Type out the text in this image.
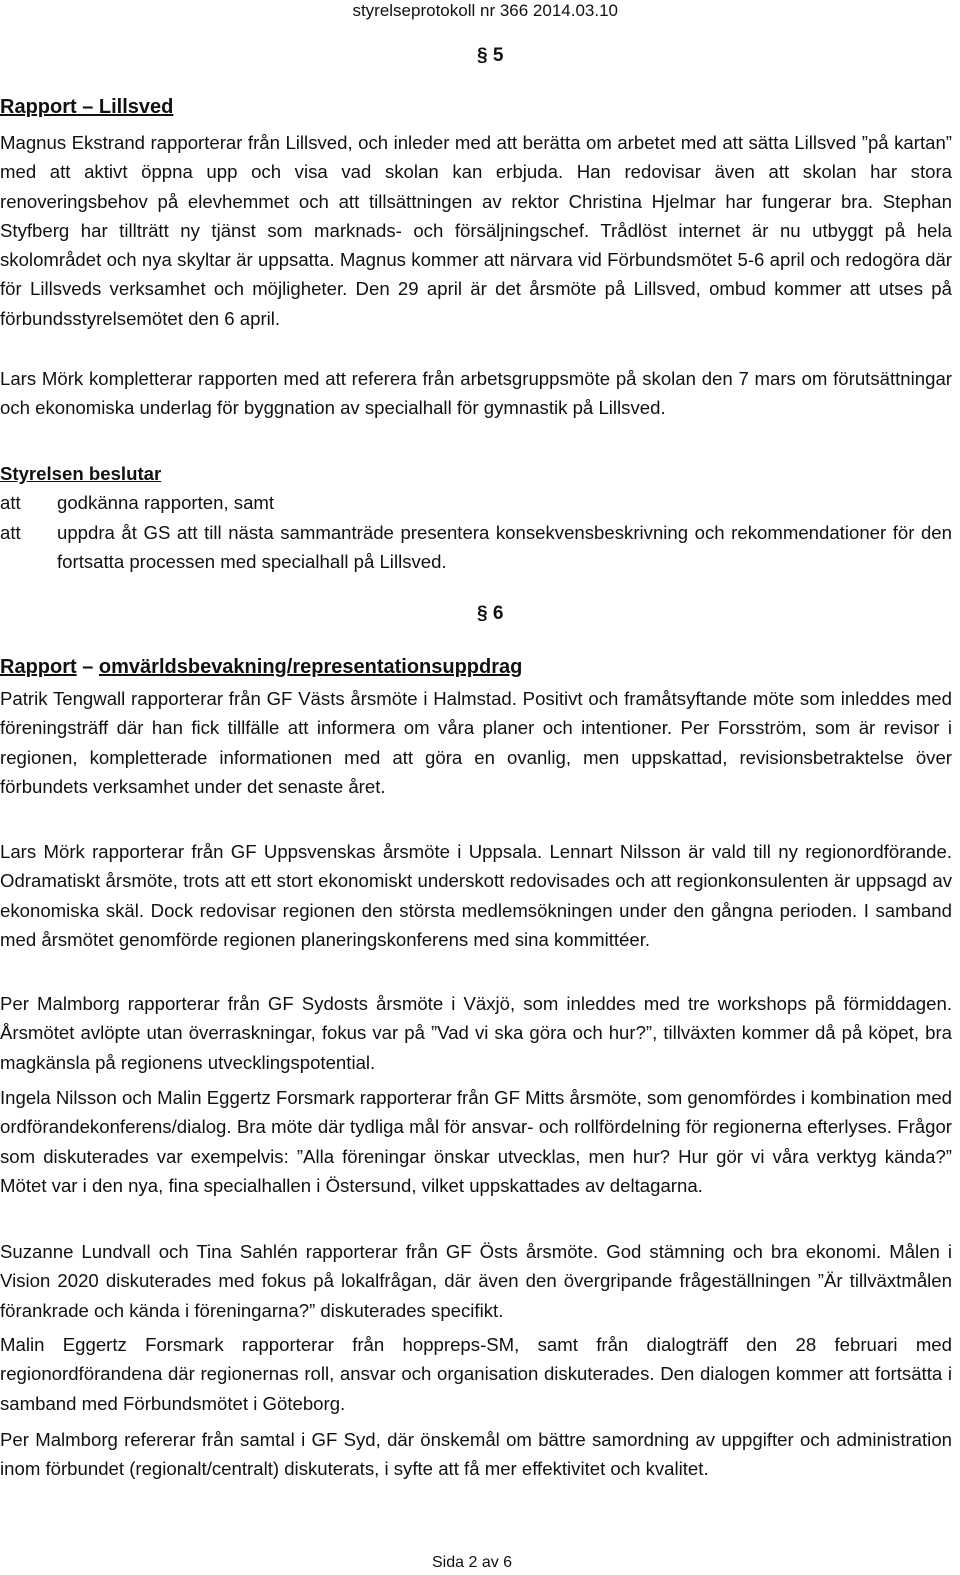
styrelseprotokoll nr 366 2014.03.10
§ 5
Rapport – Lillsved

Magnus Ekstrand rapporterar från Lillsved, och inleder med att berätta om arbetet med att sätta Lillsved ”på kartan” med att aktivt öppna upp och visa vad skolan kan erbjuda. Han redovisar även att skolan har stora renoveringsbehov på elevhemmet och att tillsättningen av rektor Christina Hjelmar har fungerar bra. Stephan Styfberg har tillträtt ny tjänst som marknads- och försäljningschef. Trådlöst internet är nu utbyggt på hela skolområdet och nya skyltar är uppsatta. Magnus kommer att närvara vid Förbundsmötet 5-6 april och redogöra där för Lillsveds verksamhet och möjligheter. Den 29 april är det årsmöte på Lillsved, ombud kommer att utses på förbundsstyrelsemötet den 6 april.

Lars Mörk kompletterar rapporten med att referera från arbetsgruppsmöte på skolan den 7 mars om förutsättningar och ekonomiska underlag för byggnation av specialhall för gymnastik på Lillsved.

Styrelsen beslutar
att godkänna rapporten, samt
att uppdra åt GS att till nästa sammanträde presentera konsekvensbeskrivning och rekommendationer för den fortsatta processen med specialhall på Lillsved.
§ 6
Rapport – omvärldsbevakning/representationsuppdrag

Patrik Tengwall rapporterar från GF Västs årsmöte i Halmstad. Positivt och framåtsyftande möte som inleddes med föreningsträff där han fick tillfälle att informera om våra planer och intentioner. Per Forsström, som är revisor i regionen, kompletterade informationen med att göra en ovanlig, men uppskattad, revisionsbetraktelse över förbundets verksamhet under det senaste året.

Lars Mörk rapporterar från GF Uppsvenskas årsmöte i Uppsala. Lennart Nilsson är vald till ny regionordförande. Odramatiskt årsmöte, trots att ett stort ekonomiskt underskott redovisades och att regionkonsulenten är uppsagd av ekonomiska skäl. Dock redovisar regionen den största medlemsökningen under den gångna perioden. I samband med årsmötet genomförde regionen planeringskonferens med sina kommittéer.

Per Malmborg rapporterar från GF Sydosts årsmöte i Växjö, som inleddes med tre workshops på förmiddagen. Årsmötet avlöpte utan överraskningar, fokus var på ”Vad vi ska göra och hur?”, tillväxten kommer då på köpet, bra magkänsla på regionens utvecklingspotential.

Ingela Nilsson och Malin Eggertz Forsmark rapporterar från GF Mitts årsmöte, som genomfördes i kombination med ordförandekonferens/dialog. Bra möte där tydliga mål för ansvar- och rollfördelning för regionerna efterlyses. Frågor som diskuterades var exempelvis: ”Alla föreningar önskar utvecklas, men hur? Hur gör vi våra verktyg kända?” Mötet var i den nya, fina specialhallen i Östersund, vilket uppskattades av deltagarna.

Suzanne Lundvall och Tina Sahlén rapporterar från GF Östs årsmöte. God stämning och bra ekonomi. Målen i Vision 2020 diskuterades med fokus på lokalfrågan, där även den övergripande frågeställningen ”Är tillväxtmålen förankrade och kända i föreningarna?” diskuterades specifikt.

Malin Eggertz Forsmark rapporterar från hoppreps-SM, samt från dialogträff den 28 februari med regionordförandena där regionernas roll, ansvar och organisation diskuterades. Den dialogen kommer att fortsätta i samband med Förbundsmötet i Göteborg.

Per Malmborg refererar från samtal i GF Syd, där önskemål om bättre samordning av uppgifter och administration inom förbundet (regionalt/centralt) diskuterats, i syfte att få mer effektivitet och kvalitet.

Sida 2 av 6
